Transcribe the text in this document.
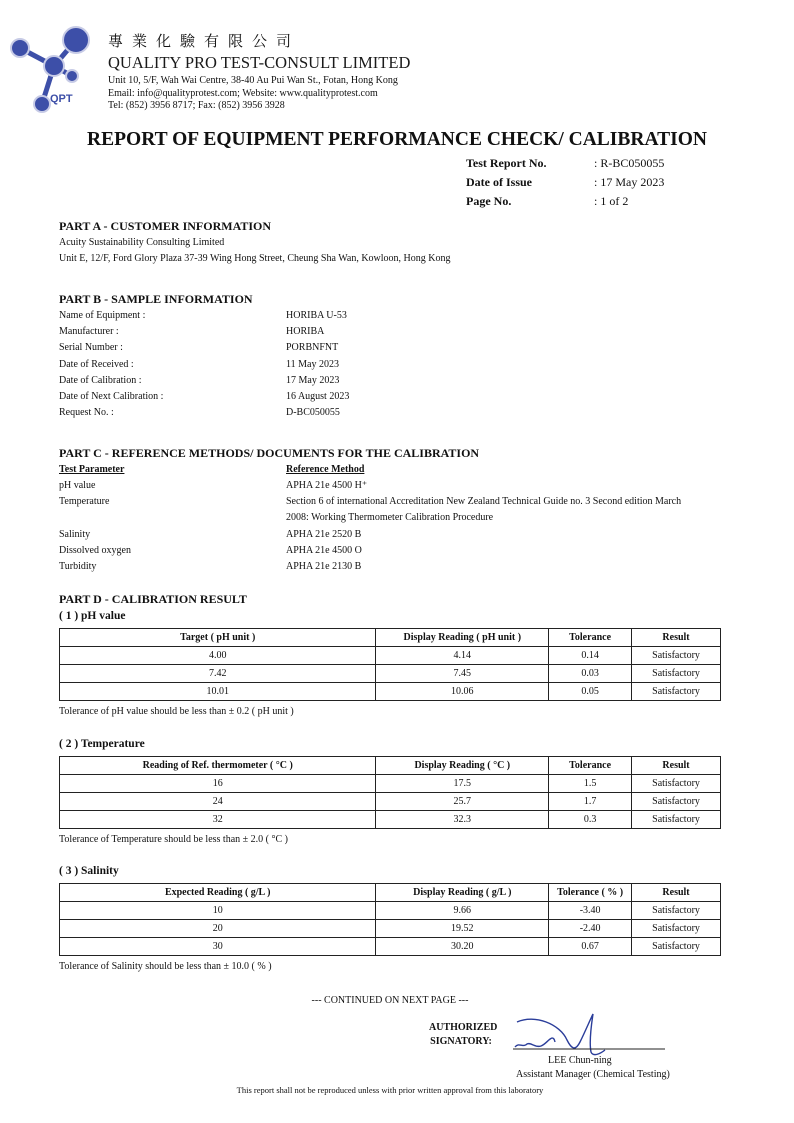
QPT
專業化驗有限公司
QUALITY PRO TEST-CONSULT LIMITED
Unit 10, 5/F, Wah Wai Centre, 38-40 Au Pui Wan St., Fotan, Hong Kong
Email: info@qualityprotest.com; Website: www.qualityprotest.com
Tel: (852) 3956 8717; Fax: (852) 3956 3928
REPORT OF EQUIPMENT PERFORMANCE CHECK/ CALIBRATION
Test Report No.	: R-BC050055
Date of Issue	: 17 May 2023
Page No.	: 1 of 2
PART A - CUSTOMER INFORMATION
Acuity Sustainability Consulting Limited
Unit E, 12/F, Ford Glory Plaza 37-39 Wing Hong Street, Cheung Sha Wan, Kowloon, Hong Kong
PART B - SAMPLE INFORMATION
Name of Equipment :	HORIBA U-53
Manufacturer :	HORIBA
Serial Number :	PORBNFNT
Date of Received :	11 May 2023
Date of Calibration :	17 May 2023
Date of Next Calibration :	16 August 2023
Request No. :	D-BC050055
PART C - REFERENCE METHODS/ DOCUMENTS FOR THE CALIBRATION
Test Parameter	Reference Method
pH value	APHA 21e 4500 H⁺
Temperature	Section 6 of international Accreditation New Zealand Technical Guide no. 3 Second edition March
2008: Working Thermometer Calibration Procedure
Salinity	APHA 21e 2520 B
Dissolved oxygen	APHA 21e 4500 O
Turbidity	APHA 21e 2130 B
PART D - CALIBRATION RESULT
( 1 ) pH value
Target ( pH unit )	Display Reading ( pH unit )	Tolerance	Result
4.00	4.14	0.14	Satisfactory
7.42	7.45	0.03	Satisfactory
10.01	10.06	0.05	Satisfactory
Tolerance of pH value should be less than ± 0.2 ( pH unit )
( 2 ) Temperature
Reading of Ref. thermometer ( °C )	Display Reading ( °C )	Tolerance	Result
16	17.5	1.5	Satisfactory
24	25.7	1.7	Satisfactory
32	32.3	0.3	Satisfactory
Tolerance of Temperature should be less than ± 2.0 ( °C )
( 3 ) Salinity
Expected Reading ( g/L )	Display Reading ( g/L )	Tolerance ( % )	Result
10	9.66	-3.40	Satisfactory
20	19.52	-2.40	Satisfactory
30	30.20	0.67	Satisfactory
Tolerance of Salinity should be less than ± 10.0 ( % )
--- CONTINUED ON NEXT PAGE ---
AUTHORIZED
SIGNATORY:
LEE Chun-ning
Assistant Manager (Chemical Testing)
This report shall not be reproduced unless with prior written approval from this laboratory
